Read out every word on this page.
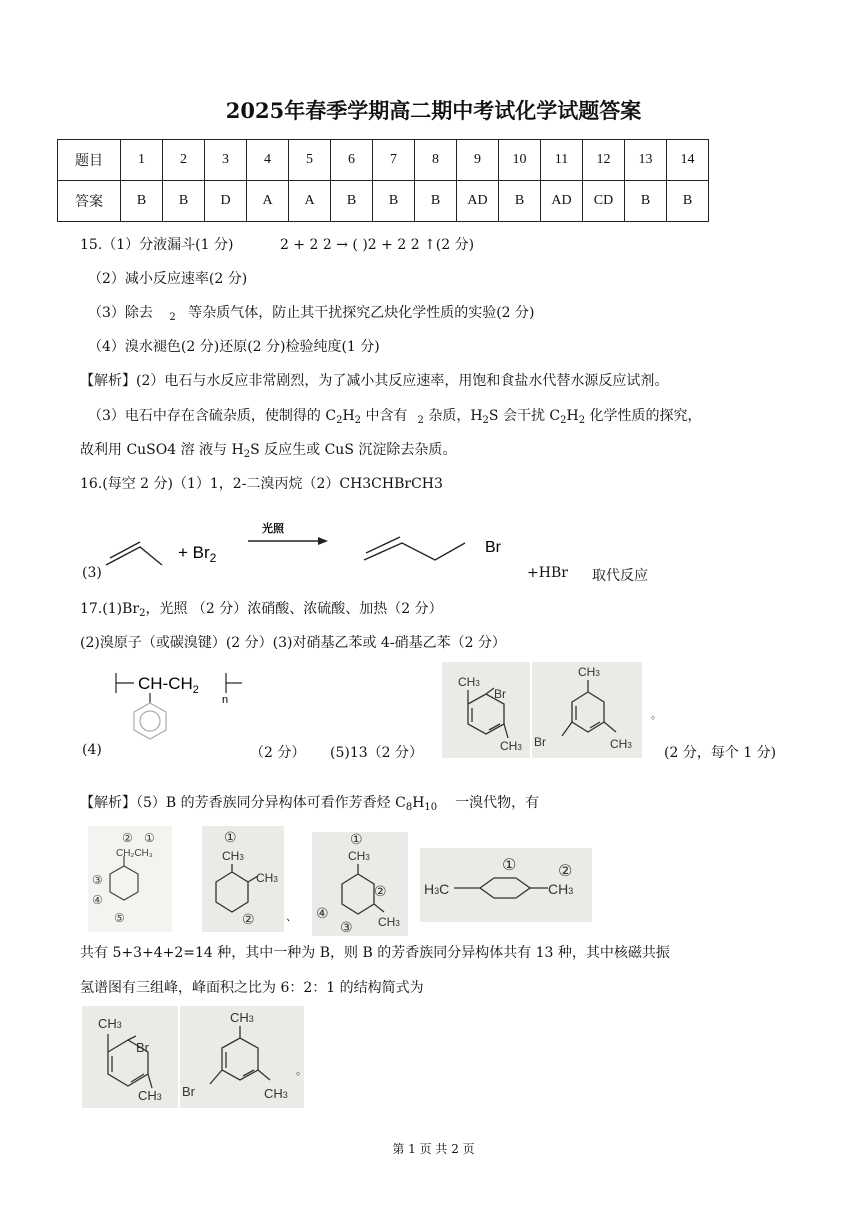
2025年春季学期高二期中考试化学试题答案
题目	1	2	3	4	5	6	7	8	9	10	11	12	13	14
答案	B	B	D	A	A	B	B	B	AD	B	AD	CD	B	B
15.（1）分液漏斗(1 分)	2 + 2 2 → ( )2 + 2 2 ↑(2 分)
（2）减小反应速率(2 分)
（3）除去 $_2$ 等杂质气体，防止其干扰探究乙炔化学性质的实验(2 分)
（4）溴水褪色(2 分)还原(2 分)检验纯度(1 分)
【解析】(2）电石与水反应非常剧烈，为了减小其反应速率，用饱和食盐水代替水源反应试剂。
（3）电石中存在含硫杂质，使制得的 $C_2H_2$ 中含有 $_2$ 杂质，$H_2S$ 会干扰 $C_2H_2$ 化学性质的探究，
故利用 CuSO4 溶 液与 $H_2S$ 反应生或 CuS 沉淀除去杂质。
16.(每空 2 分)（1）1，2-二溴丙烷（2）CH3CHBrCH3
(3)
+ $Br_2$
光照
Br
+HBr 取代反应
$17.(1)Br_2$，光照 （2 分）浓硝酸、浓硫酸、加热（2 分）
(2)溴原子（或碳溴键）(2 分）(3)对硝基乙苯或 4-硝基乙苯（2 分）
$CH-CH_2$
n
(4)	（2 分） (5)13（2 分）
CH3
Br
CH3
CH3
Br	CH3
。
(2 分，每个 1 分)
【解析】（5）B 的芳香族同分异构体可看作芳香烃 $C_8H_{10}$ 一溴代物，有
② ①
CH₂CH₃
③
④
⑤
①
CH3
CH3
②	、
①
CH3
②
④
③ CH3
①	②
H3C	CH3
共有 5+3+4+2=14 种，其中一种为 B，则 B 的芳香族同分异构体共有 13 种，其中核磁共振
氢谱图有三组峰，峰面积之比为 6：2：1 的结构简式为
CH3
Br
CH3
CH3
Br	CH3
。
第 1 页 共 2 页
